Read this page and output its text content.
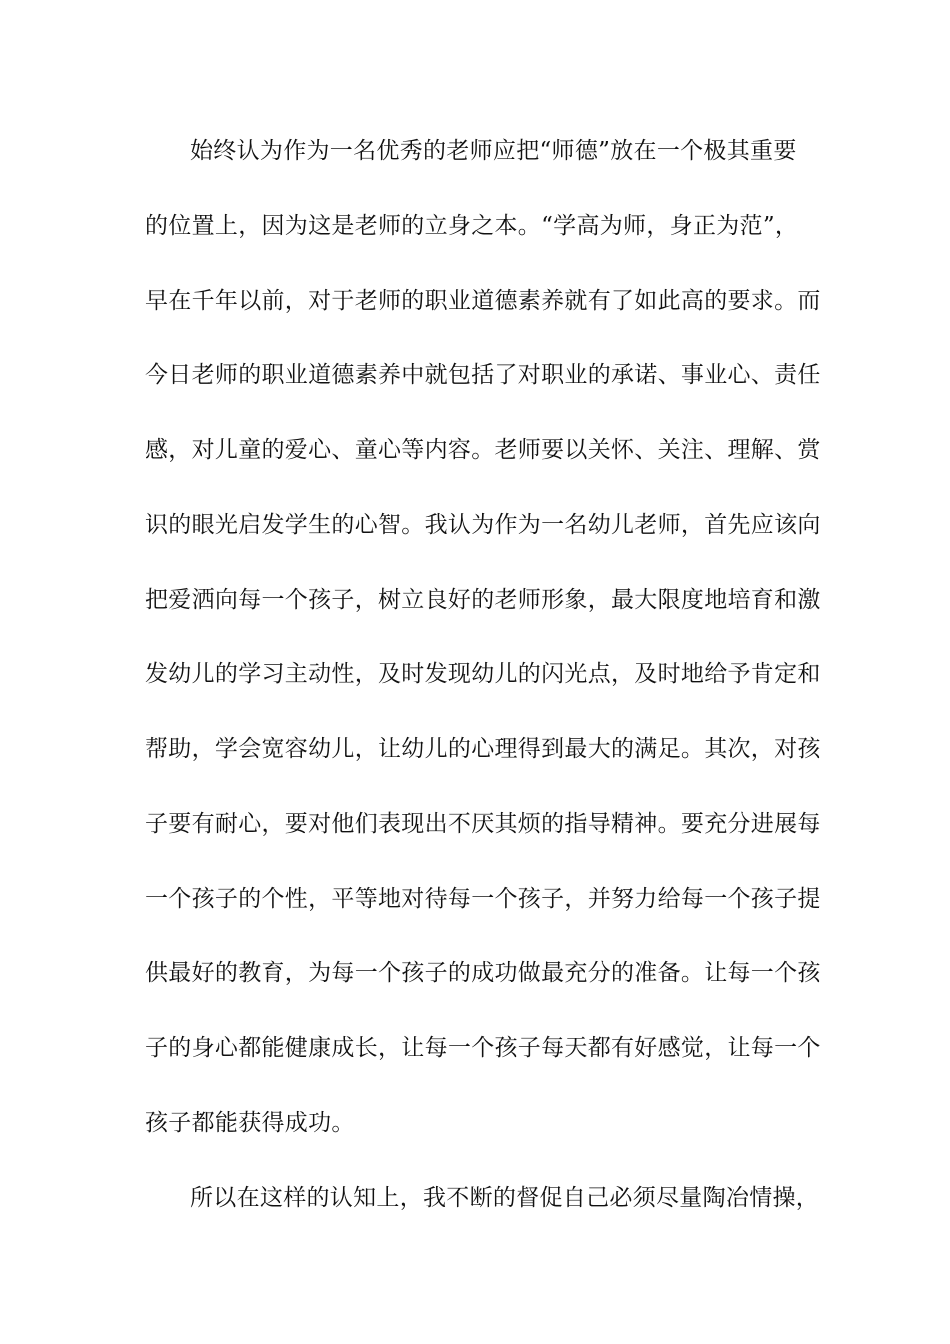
始终认为作为一名优秀的老师应把“师德”放在一个极其重要
的位置上，因为这是老师的立身之本。“学高为师，身正为范”，
早在千年以前，对于老师的职业道德素养就有了如此高的要求。而
今日老师的职业道德素养中就包括了对职业的承诺、事业心、责任
感，对儿童的爱心、童心等内容。老师要以关怀、关注、理解、赏
识的眼光启发学生的心智。我认为作为一名幼儿老师，首先应该向
把爱洒向每一个孩子，树立良好的老师形象，最大限度地培育和激
发幼儿的学习主动性，及时发现幼儿的闪光点，及时地给予肯定和
帮助，学会宽容幼儿，让幼儿的心理得到最大的满足。其次，对孩
子要有耐心，要对他们表现出不厌其烦的指导精神。要充分进展每
一个孩子的个性，平等地对待每一个孩子，并努力给每一个孩子提
供最好的教育，为每一个孩子的成功做最充分的准备。让每一个孩
子的身心都能健康成长，让每一个孩子每天都有好感觉，让每一个
孩子都能获得成功。
所以在这样的认知上，我不断的督促自己必须尽量陶冶情操，
